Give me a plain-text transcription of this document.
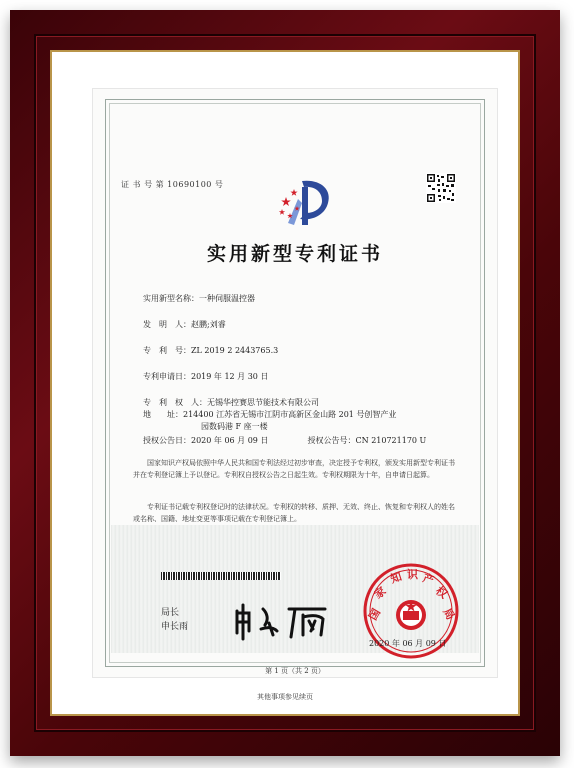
证 书 号 第 10690100 号
实用新型专利证书
实用新型名称：一种伺服温控器
发　明　人：赵鹏;刘睿
专　利　号：ZL 2019 2 2443765.3
专利申请日：2019 年 12 月 30 日
专　利　权　人：无锡华控赛思节能技术有限公司
地　　址：214400 江苏省无锡市江阴市高新区金山路 201 号创智产业
园数码港 F 座一楼
授权公告日：2020 年 06 月 09 日	授权公告号：CN 210721170 U
国家知识产权局依照中华人民共和国专利法经过初步审查，决定授予专利权，颁发实用新型专利证书并在专利登记簿上予以登记。专利权自授权公告之日起生效。专利权期限为十年，自申请日起算。
专利证书记载专利权登记时的法律状况。专利权的转移、质押、无效、终止、恢复和专利权人的姓名或名称、国籍、地址变更等事项记载在专利登记簿上。
局长
申长雨
国
家
知 识 产
权
局
2020 年 06 月 09 日
第 1 页（共 2 页）
其他事项参见续页
